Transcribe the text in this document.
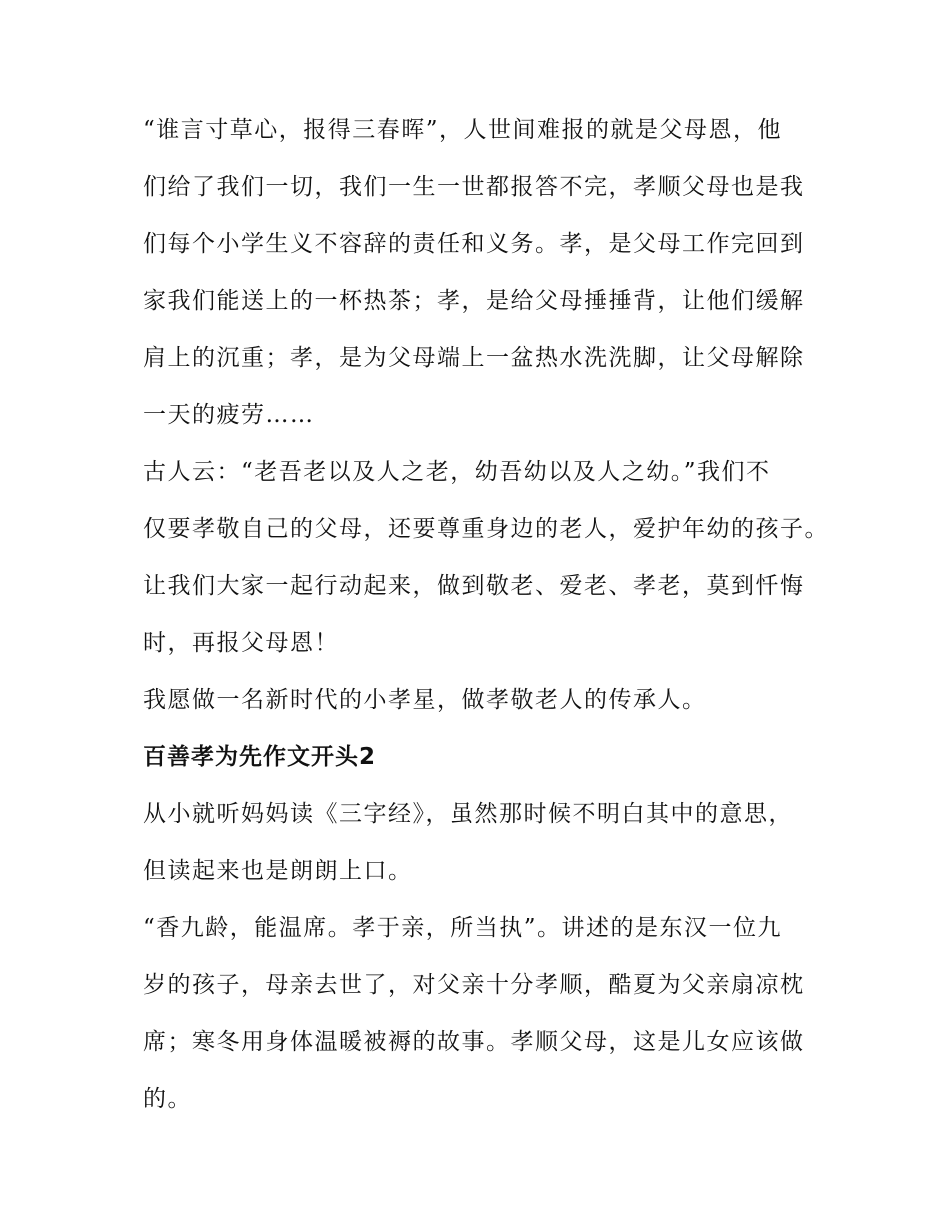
“谁言寸草心，报得三春晖”，人世间难报的就是父母恩，他
们给了我们一切，我们一生一世都报答不完，孝顺父母也是我
们每个小学生义不容辞的责任和义务。孝，是父母工作完回到
家我们能送上的一杯热茶；孝，是给父母捶捶背，让他们缓解
肩上的沉重；孝，是为父母端上一盆热水洗洗脚，让父母解除
一天的疲劳……
古人云：“老吾老以及人之老，幼吾幼以及人之幼。”我们不
仅要孝敬自己的父母，还要尊重身边的老人，爱护年幼的孩子。
让我们大家一起行动起来，做到敬老、爱老、孝老，莫到忏悔
时，再报父母恩！
我愿做一名新时代的小孝星，做孝敬老人的传承人。
百善孝为先作文开头2
从小就听妈妈读《三字经》，虽然那时候不明白其中的意思，
但读起来也是朗朗上口。
“香九龄，能温席。孝于亲，所当执”。讲述的是东汉一位九
岁的孩子，母亲去世了，对父亲十分孝顺，酷夏为父亲扇凉枕
席；寒冬用身体温暖被褥的故事。孝顺父母，这是儿女应该做
的。
